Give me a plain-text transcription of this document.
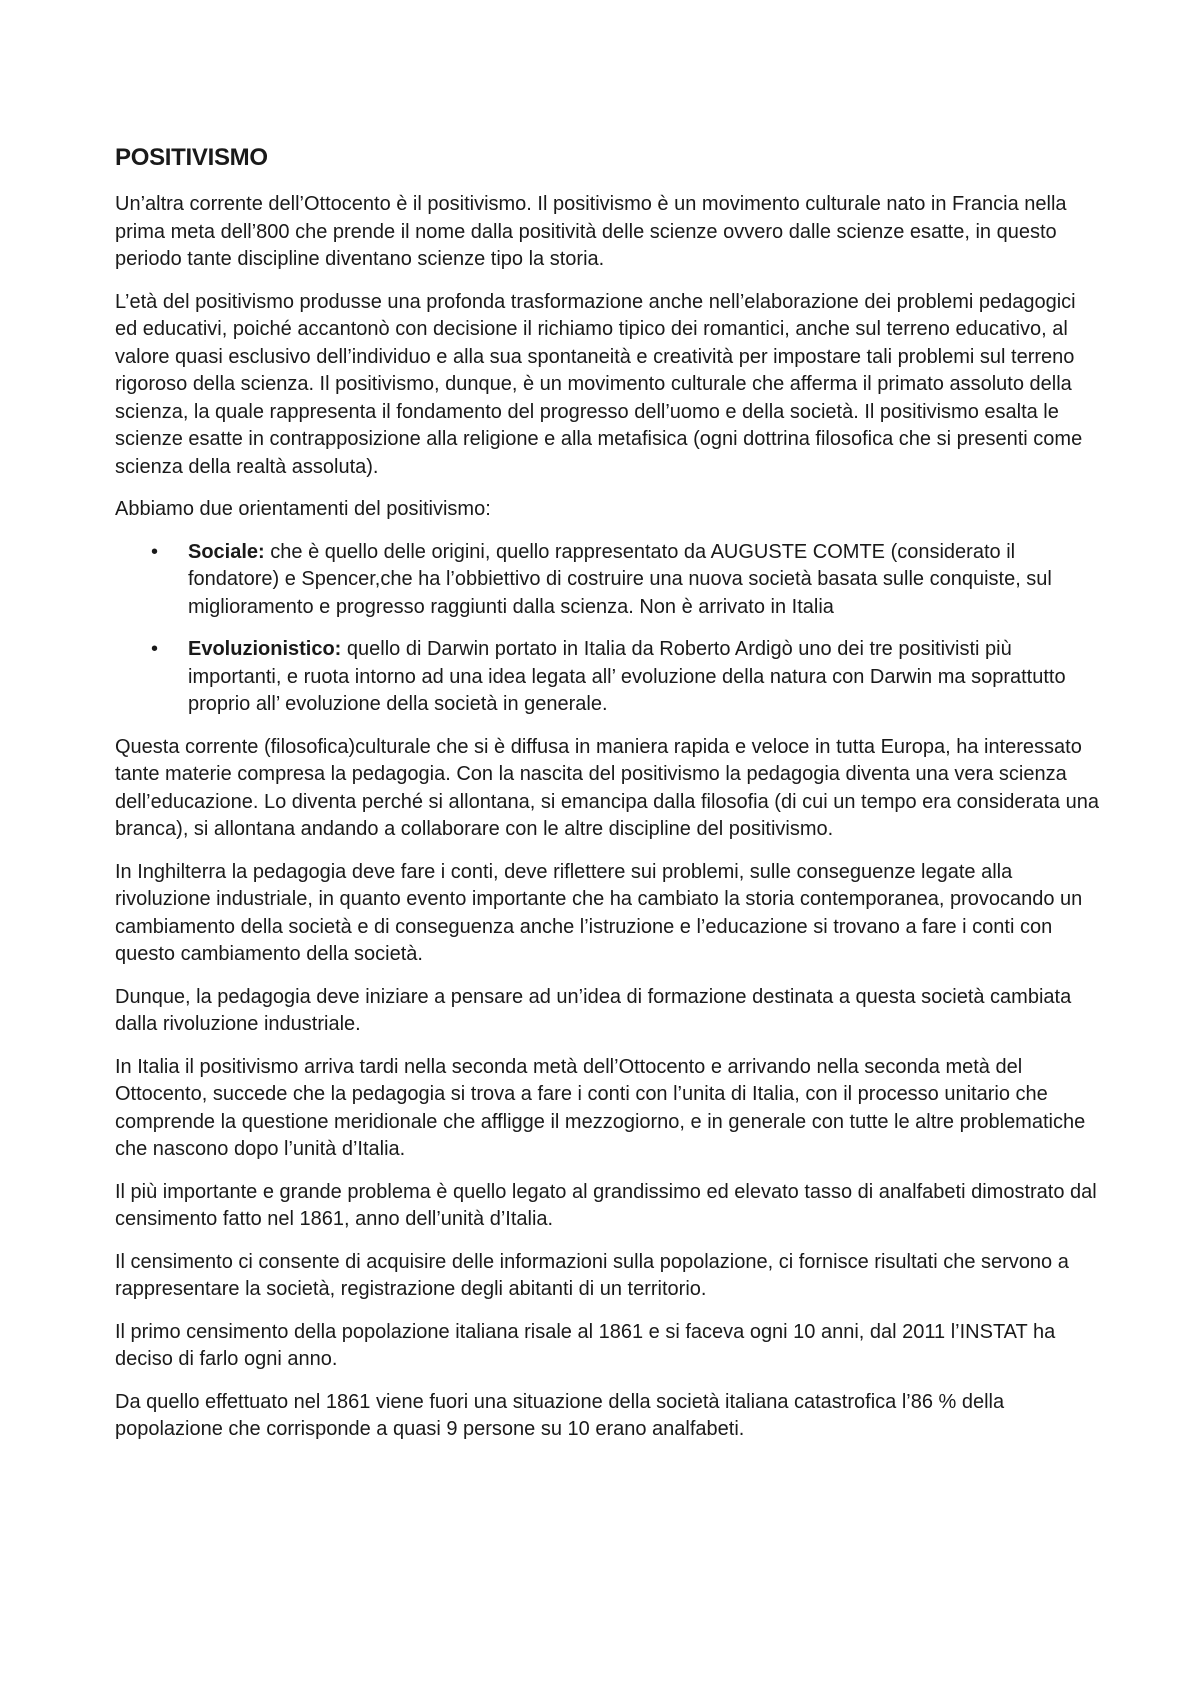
POSITIVISMO

Un’altra corrente dell’Ottocento è il positivismo. Il positivismo è un movimento culturale nato in Francia nella prima meta dell’800 che prende il nome dalla positività delle scienze ovvero dalle scienze esatte, in questo periodo tante discipline diventano scienze tipo la storia.

L’età del positivismo produsse una profonda trasformazione anche nell’elaborazione dei problemi pedagogici ed educativi, poiché accantonò con decisione il richiamo tipico dei romantici, anche sul terreno educativo, al valore quasi esclusivo dell’individuo e alla sua spontaneità e creatività per impostare tali problemi sul terreno rigoroso della scienza. Il positivismo, dunque, è un movimento culturale che afferma il primato assoluto della scienza, la quale rappresenta il fondamento del progresso dell’uomo e della società. Il positivismo esalta le scienze esatte in contrapposizione alla religione e alla metafisica (ogni dottrina filosofica che si presenti come scienza della realtà assoluta).

Abbiamo due orientamenti del positivismo:

• Sociale: che è quello delle origini, quello rappresentato da AUGUSTE COMTE (considerato il fondatore) e Spencer,che ha l’obbiettivo di costruire una nuova società basata sulle conquiste, sul miglioramento e progresso raggiunti dalla scienza. Non è arrivato in Italia
• Evoluzionistico: quello di Darwin portato in Italia da Roberto Ardigò uno dei tre positivisti più importanti, e ruota intorno ad una idea legata all’ evoluzione della natura con Darwin ma soprattutto proprio all’ evoluzione della società in generale.

Questa corrente (filosofica)culturale che si è diffusa in maniera rapida e veloce in tutta Europa, ha interessato tante materie compresa la pedagogia. Con la nascita del positivismo la pedagogia diventa una vera scienza dell’educazione. Lo diventa perché si allontana, si emancipa dalla filosofia (di cui un tempo era considerata una branca), si allontana andando a collaborare con le altre discipline del positivismo.

In Inghilterra la pedagogia deve fare i conti, deve riflettere sui problemi, sulle conseguenze legate alla rivoluzione industriale, in quanto evento importante che ha cambiato la storia contemporanea, provocando un cambiamento della società e di conseguenza anche l’istruzione e l’educazione si trovano a fare i conti con questo cambiamento della società.

Dunque, la pedagogia deve iniziare a pensare ad un’idea di formazione destinata a questa società cambiata dalla rivoluzione industriale.

In Italia il positivismo arriva tardi nella seconda metà dell’Ottocento e arrivando nella seconda metà del Ottocento, succede che la pedagogia si trova a fare i conti con l’unita di Italia, con il processo unitario che comprende la questione meridionale che affligge il mezzogiorno, e in generale con tutte le altre problematiche che nascono dopo l’unità d’Italia.

Il più importante e grande problema è quello legato al grandissimo ed elevato tasso di analfabeti dimostrato dal censimento fatto nel 1861, anno dell’unità d’Italia.

Il censimento ci consente di acquisire delle informazioni sulla popolazione, ci fornisce risultati che servono a rappresentare la società, registrazione degli abitanti di un territorio.

Il primo censimento della popolazione italiana risale al 1861 e si faceva ogni 10 anni, dal 2011 l’INSTAT ha deciso di farlo ogni anno.

Da quello effettuato nel 1861 viene fuori una situazione della società italiana catastrofica l’86 % della popolazione che corrisponde a quasi 9 persone su 10 erano analfabeti.
